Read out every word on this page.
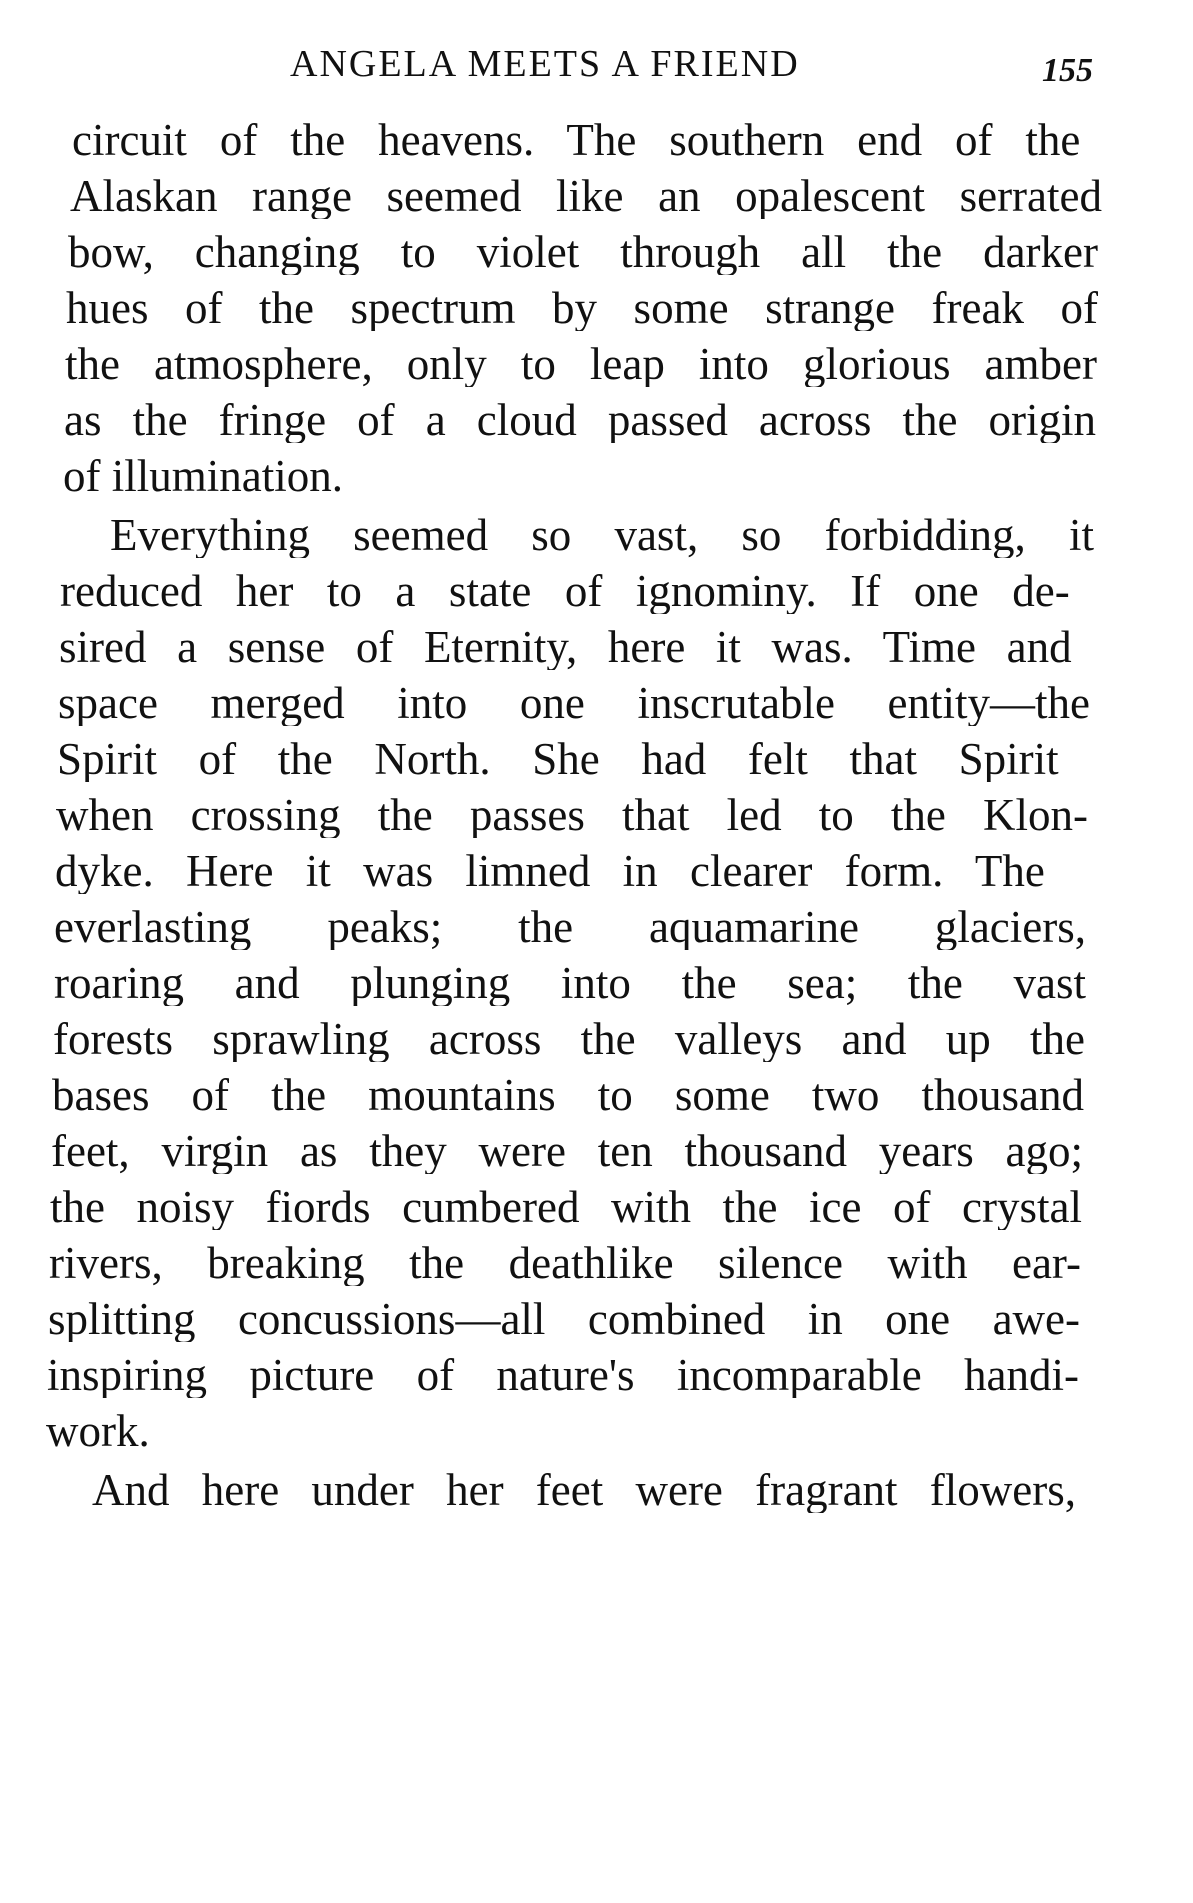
ANGELA MEETS A FRIEND	155
circuit of the heavens. The southern end of the
Alaskan range seemed like an opalescent serrated
bow, changing to violet through all the darker
hues of the spectrum by some strange freak of
the atmosphere, only to leap into glorious amber
as the fringe of a cloud passed across the origin
of illumination.
Everything seemed so vast, so forbidding, it
reduced her to a state of ignominy. If one de-
sired a sense of Eternity, here it was. Time and
space merged into one inscrutable entity—the
Spirit of the North. She had felt that Spirit
when crossing the passes that led to the Klon-
dyke. Here it was limned in clearer form. The
everlasting peaks; the aquamarine glaciers,
roaring and plunging into the sea; the vast
forests sprawling across the valleys and up the
bases of the mountains to some two thousand
feet, virgin as they were ten thousand years ago;
the noisy fiords cumbered with the ice of crystal
rivers, breaking the deathlike silence with ear-
splitting concussions—all combined in one awe-
inspiring picture of nature's incomparable handi-
work.
And here under her feet were fragrant flowers,
